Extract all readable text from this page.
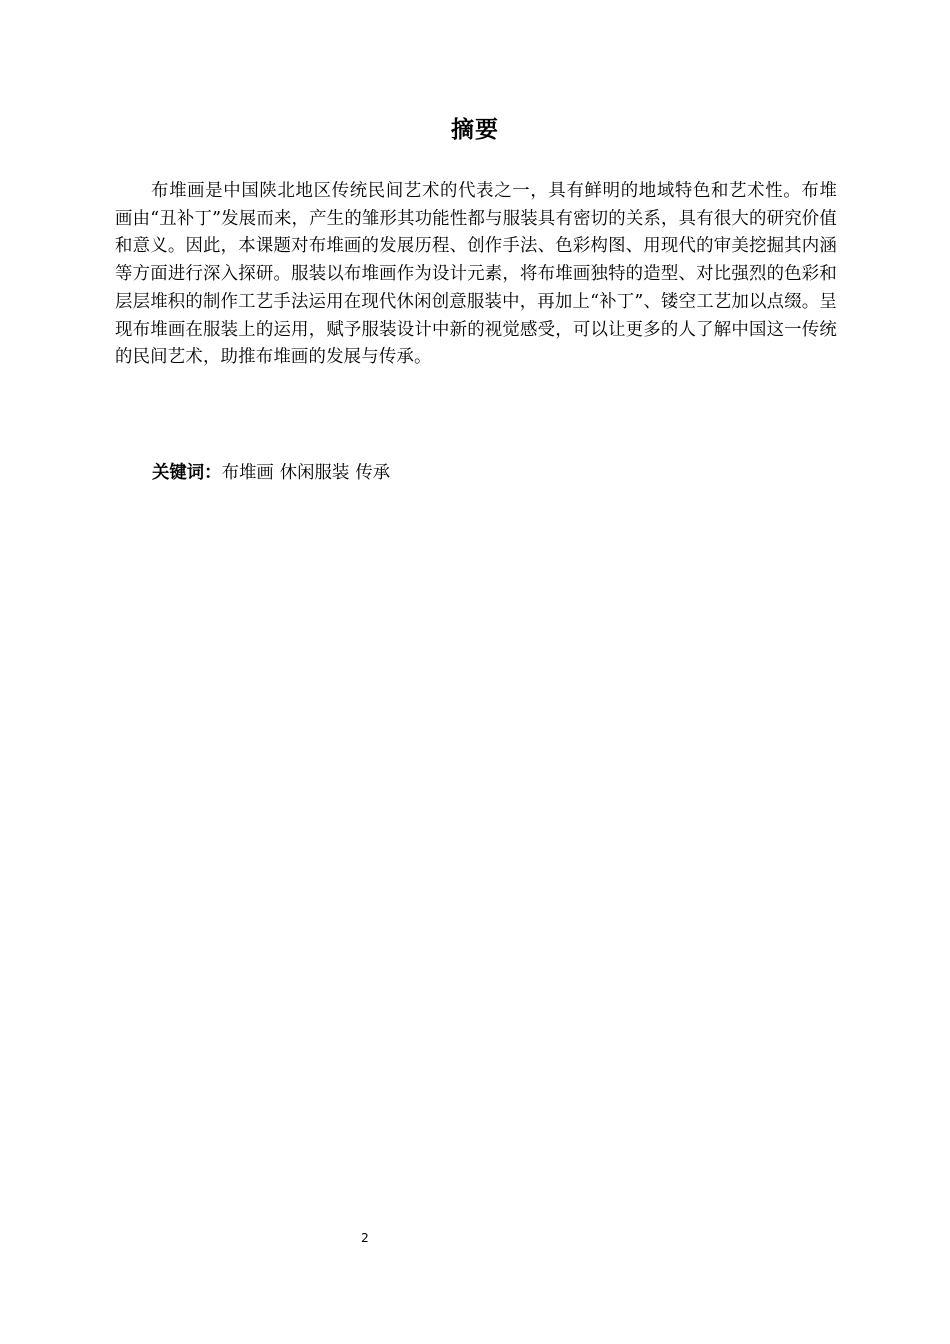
摘要

布堆画是中国陕北地区传统民间艺术的代表之一，具有鲜明的地域特色和艺术性。布堆画由“丑补丁”发展而来，产生的雏形其功能性都与服装具有密切的关系，具有很大的研究价值和意义。因此，本课题对布堆画的发展历程、创作手法、色彩构图、用现代的审美挖掘其内涵等方面进行深入探研。服装以布堆画作为设计元素，将布堆画独特的造型、对比强烈的色彩和层层堆积的制作工艺手法运用在现代休闲创意服装中，再加上“补丁”、镂空工艺加以点缀。呈现布堆画在服装上的运用，赋予服装设计中新的视觉感受，可以让更多的人了解中国这一传统的民间艺术，助推布堆画的发展与传承。

关键词：布堆画 休闲服装 传承
2
